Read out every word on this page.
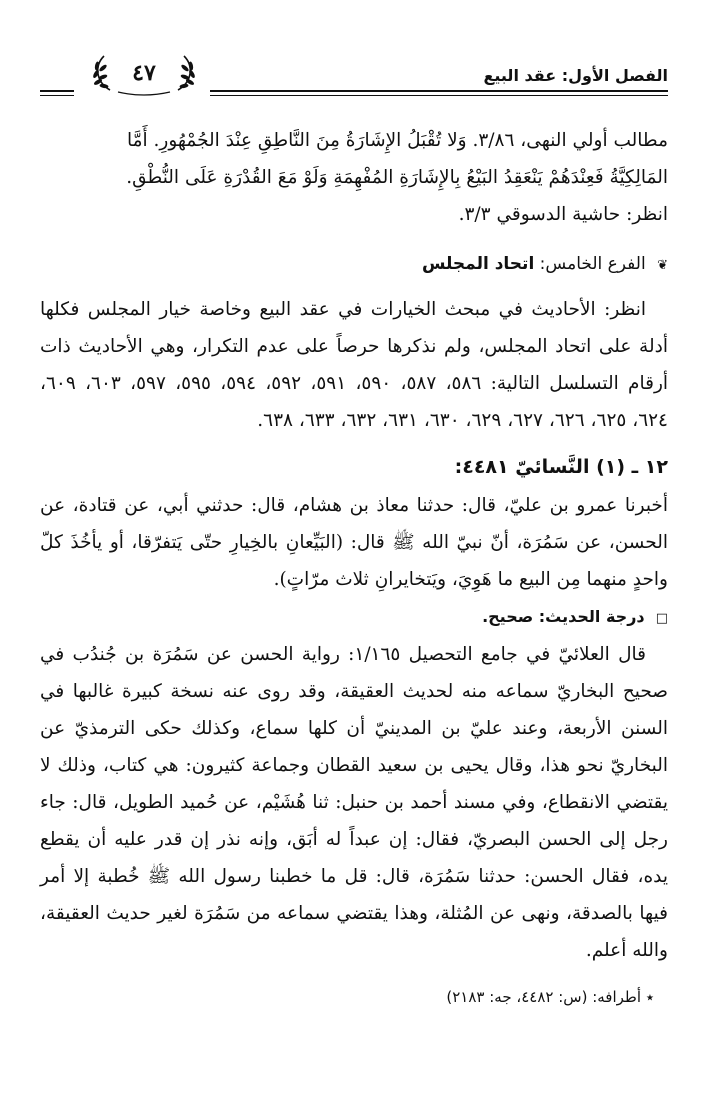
الفصل الأول: عقد البيع
٤٧

مطالب أولي النهى، ٣/٨٦. وَلا تُقْبَلُ الإِشَارَةُ مِنَ النَّاطِقِ عِنْدَ الجُمْهُورِ. أَمَّا

المَالِكِيَّةُ فَعِنْدَهُمْ يَنْعَقِدُ البَيْعُ بِالإِشَارَةِ المُفْهِمَةِ وَلَوْ مَعَ القُدْرَةِ عَلَى النُّطْقِ.

انظر: حاشية الدسوقي ٣/٣.

❦ الفرع الخامس: اتحاد المجلس

انظر: الأحاديث في مبحث الخيارات في عقد البيع وخاصة خيار المجلس فكلها أدلة على اتحاد المجلس، ولم نذكرها حرصاً على عدم التكرار، وهي الأحاديث ذات أرقام التسلسل التالية: ٥٨٦، ٥٨٧، ٥٩٠، ٥٩١، ٥٩٢، ٥٩٤، ٥٩٥، ٥٩٧، ٦٠٣، ٦٠٩، ٦٢٤، ٦٢٥، ٦٢٦، ٦٢٧، ٦٢٩، ٦٣٠، ٦٣١، ٦٣٢، ٦٣٣، ٦٣٨.

١٢ ـ (١) النَّسائيّ ٤٤٨١:

أخبرنا عمرو بن عليّ، قال: حدثنا معاذ بن هشام، قال: حدثني أبي، عن قتادة، عن الحسن، عن سَمُرَة، أنّ نبيّ الله ﷺ قال: (البَيِّعانِ بالخِيارِ حتّى يَتفرّقا، أو يأخُذَ كلّ واحدٍ منهما مِن البيع ما هَوِيَ، ويَتخايرانِ ثلاث مرّاتٍ).

□ درجة الحديث: صحيح.

قال العلائيّ في جامع التحصيل ١/١٦٥: رواية الحسن عن سَمُرَة بن جُندُب في صحيح البخاريّ سماعه منه لحديث العقيقة، وقد روى عنه نسخة كبيرة غالبها في السنن الأربعة، وعند عليّ بن المدينيّ أن كلها سماع، وكذلك حكى الترمذيّ عن البخاريّ نحو هذا، وقال يحيى بن سعيد القطان وجماعة كثيرون: هي كتاب، وذلك لا يقتضي الانقطاع، وفي مسند أحمد بن حنبل: ثنا هُشَيْم، عن حُميد الطويل، قال: جاء رجل إلى الحسن البصريّ، فقال: إن عبداً له أبَق، وإنه نذر إن قدر عليه أن يقطع يده، فقال الحسن: حدثنا سَمُرَة، قال: قل ما خطبنا رسول الله ﷺ خُطبة إلا أمر فيها بالصدقة، ونهى عن المُثلة، وهذا يقتضي سماعه من سَمُرَة لغير حديث العقيقة، والله أعلم.

٭ أطرافه: (س: ٤٤٨٢، جه: ٢١٨٣)
